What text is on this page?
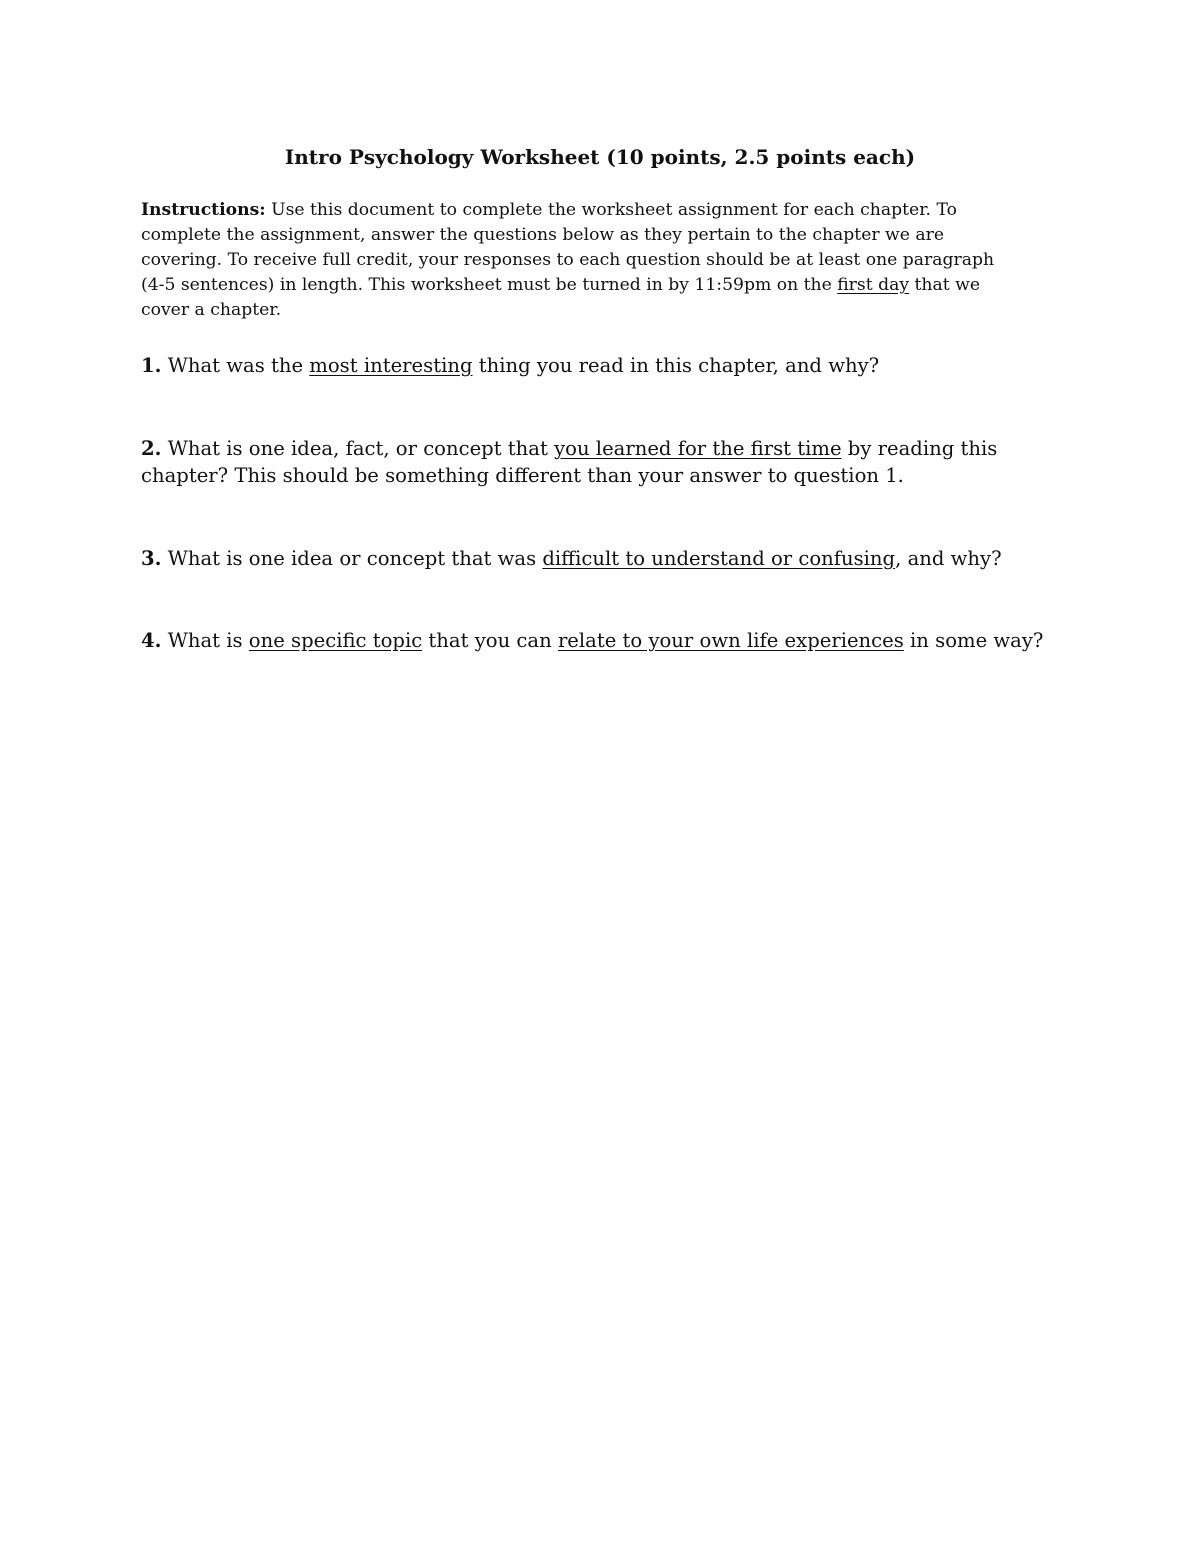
Intro Psychology Worksheet (10 points, 2.5 points each)
Instructions: Use this document to complete the worksheet assignment for each chapter. To
complete the assignment, answer the questions below as they pertain to the chapter we are
covering. To receive full credit, your responses to each question should be at least one paragraph
(4-5 sentences) in length. This worksheet must be turned in by 11:59pm on the first day that we
cover a chapter.
1. What was the most interesting thing you read in this chapter, and why?
2. What is one idea, fact, or concept that you learned for the first time by reading this
chapter? This should be something different than your answer to question 1.
3. What is one idea or concept that was difficult to understand or confusing, and why?
4. What is one specific topic that you can relate to your own life experiences in some way?
